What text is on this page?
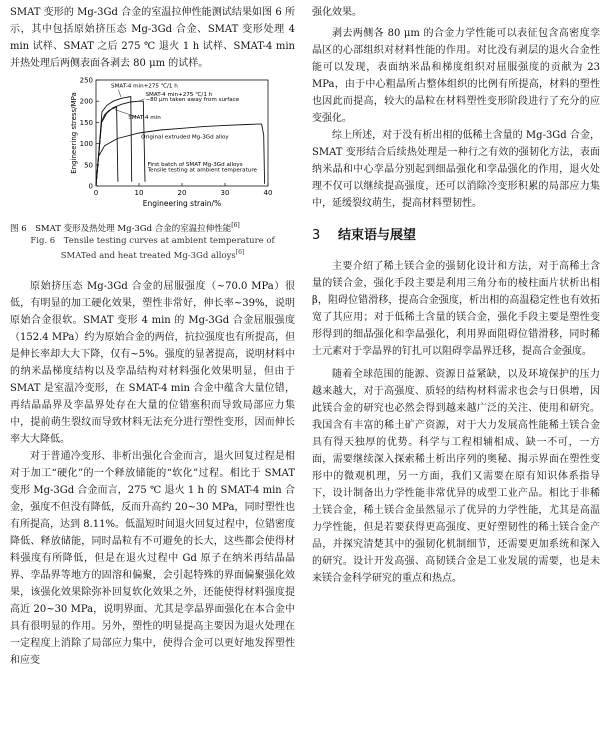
SMAT 变形的 Mg-3Gd 合金的室温拉伸性能测试结果如图 6 所示，其中包括原始挤压态 Mg-3Gd 合金、SMAT 变形处理 4 min 试样、SMAT 之后 275 ℃ 退火 1 h 试样、SMAT-4 min 并热处理后两侧表面各剥去 80 μm 的试样。

0	10	20	30	40
0
50
100
150
200
250
Engineering strain/%
Engineering stress/MPa
SMAT-4 min+275 ℃/1 h
SMAT-4 min+275 ℃/1 h
−80 μm taken away from surface
SMAT-4 min
Original extruded Mg-3Gd alloy
First batch of SMAT Mg-3Gd alloys
Tensile testing at ambient temperature

图 6　SMAT 变形及热处理 Mg-3Gd 合金的室温拉伸性能[6]

Fig. 6　Tensile testing curves at ambient temperature of

SMATed and heat treated Mg-3Gd alloys[6]

原始挤压态 Mg-3Gd 合金的屈服强度（~70.0 MPa）很低，有明显的加工硬化效果，塑性非常好，伸长率~39%，说明原始合金很软。SMAT 变形 4 min 的 Mg-3Gd 合金屈服强度（152.4 MPa）约为原始合金的两倍，抗拉强度也有所提高，但是伸长率却大大下降，仅有~5%。强度的显著提高，说明材料中的纳米晶梯度结构以及孪晶结构对材料强化效果明显，但由于 SMAT 是室温冷变形，在 SMAT-4 min 合金中蕴含大量位错，再结晶晶界及孪晶界处存在大量的位错塞积而导致局部应力集中，提前萌生裂纹而导致材料无法充分进行塑性变形，因而伸长率大大降低。

对于普通冷变形、非析出强化合金而言，退火回复过程是相对于加工“硬化”的一个释放储能的“软化”过程。相比于 SMAT 变形 Mg-3Gd 合金而言，275 ℃ 退火 1 h 的 SMAT-4 min 合金，强度不但没有降低，反而升高约 20~30 MPa，同时塑性也有所提高，达到 8.11%。低温短时间退火回复过程中，位错密度降低、释放储能，同时晶粒有不可避免的长大，这些都会使得材料强度有所降低，但是在退火过程中 Gd 原子在纳米再结晶晶界、孪晶界等地方的固溶和偏聚，会引起特殊的界面偏聚强化效果，该强化效果除弥补回复软化效果之外，还能使得材料强度提高近 20~30 MPa，说明界面、尤其是孪晶界面强化在本合金中具有很明显的作用。另外，塑性的明显提高主要因为退火处理在一定程度上消除了局部应力集中，使得合金可以更好地发挥塑性和应变

强化效果。

剥去两侧各 80 μm 的合金力学性能可以表征包含高密度孪晶区的心部组织对材料性能的作用。对比没有剥层的退火合金性能可以发现，表面纳米晶和梯度组织对屈服强度的贡献为 23 MPa，由于中心粗晶所占整体组织的比例有所提高，材料的塑性也因此而提高，较大的晶粒在材料塑性变形阶段进行了充分的应变强化。

综上所述，对于没有析出相的低稀土含量的 Mg-3Gd 合金，SMAT 变形结合后续热处理是一种行之有效的强韧化方法，表面纳米晶和中心孪晶分别起到细晶强化和孪晶强化的作用，退火处理不仅可以继续提高强度，还可以消除冷变形积累的局部应力集中，延缓裂纹萌生，提高材料塑韧性。

3 结束语与展望

主要介绍了稀土镁合金的强韧化设计和方法，对于高稀土含量的镁合金，强化手段主要是利用三角分布的棱柱面片状析出相 β，阻碍位错滑移，提高合金强度，析出相的高温稳定性也有效拓宽了其应用；对于低稀土含量的镁合金，强化手段主要是塑性变形得到的细晶强化和孪晶强化，利用界面阻碍位错滑移，同时稀土元素对于孪晶界的钉扎可以阻碍孪晶界迁移，提高合金强度。

随着全球范围的能源、资源日益紧缺，以及环境保护的压力越来越大，对于高强度、质轻的结构材料需求也会与日俱增，因此镁合金的研究也必然会得到越来越广泛的关注、使用和研究。我国含有丰富的稀土矿产资源，对于大力发展高性能稀土镁合金具有得天独厚的优势。科学与工程相辅相成、缺一不可，一方面，需要继续深入探索稀土析出序列的奥秘、揭示界面在塑性变形中的微观机理，另一方面，我们又需要在原有知识体系指导下，设计制备出力学性能非常优异的成型工业产品。相比于非稀土镁合金，稀土镁合金虽然显示了优异的力学性能，尤其是高温力学性能，但是若要获得更高强度、更好塑韧性的稀土镁合金产品，并探究清楚其中的强韧化机制细节，还需要更加系统和深入的研究。设计开发高强、高韧镁合金是工业发展的需要，也是未来镁合金科学研究的重点和热点。
